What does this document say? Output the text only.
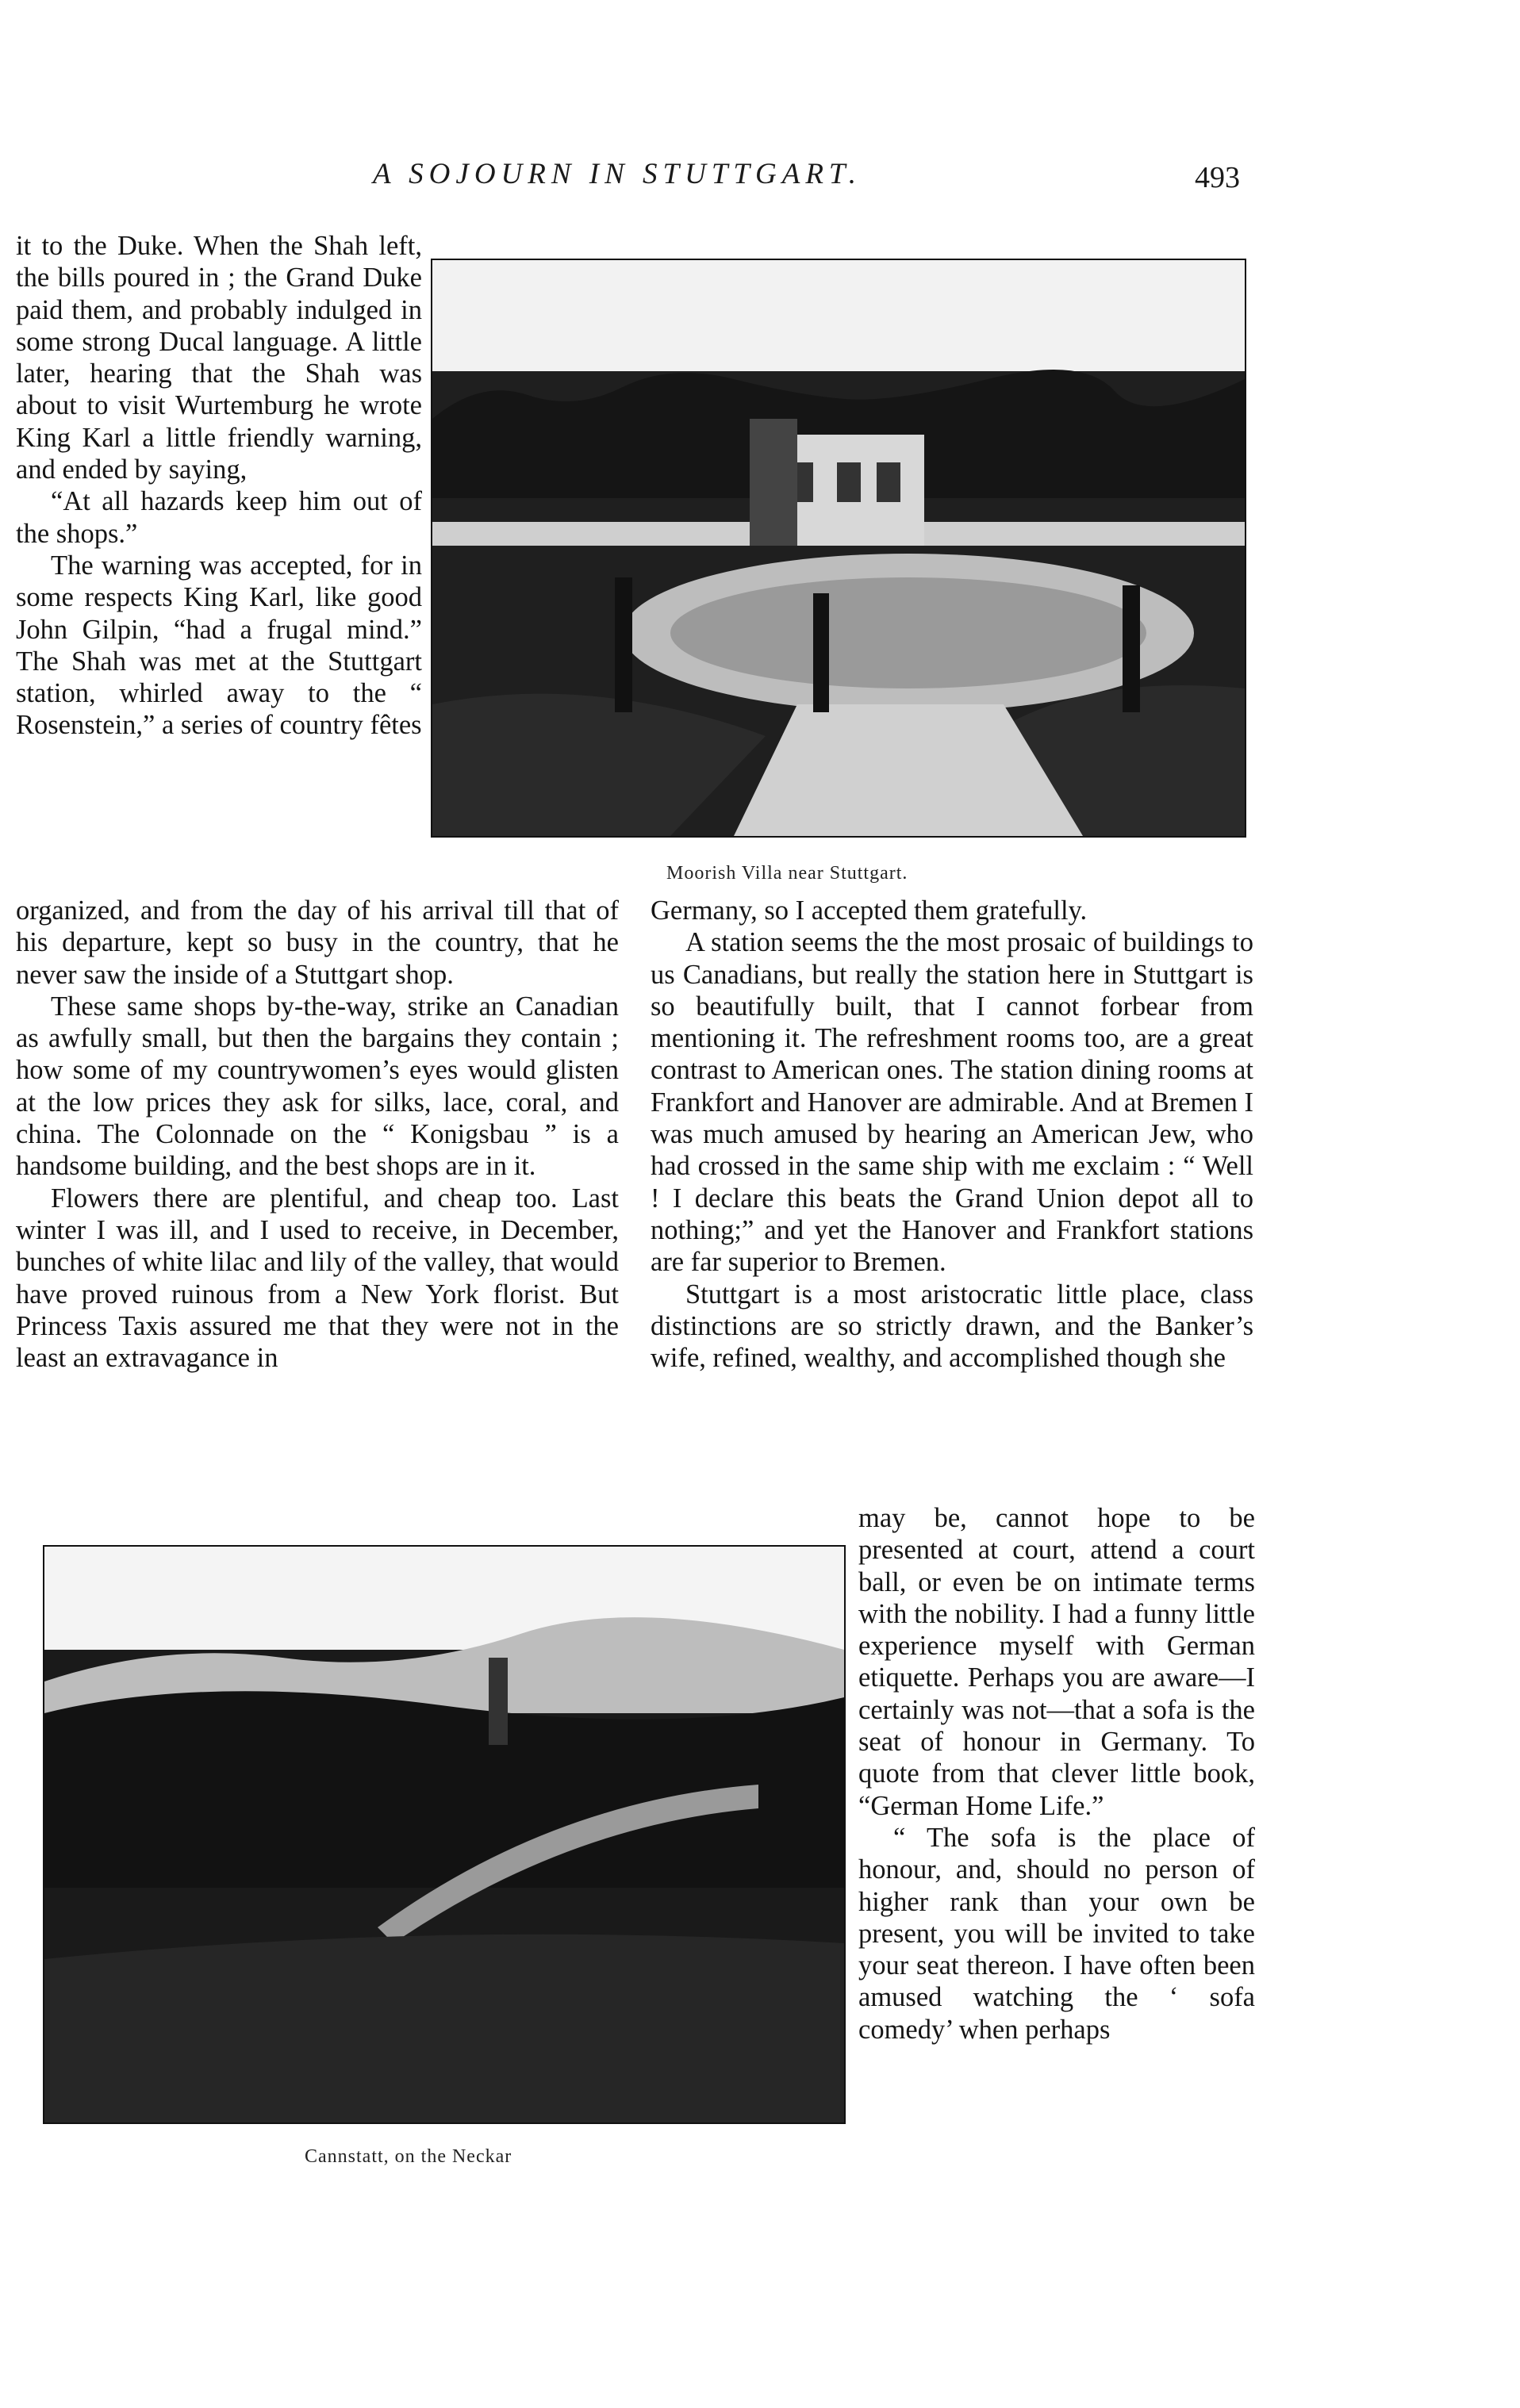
A SOJOURN IN STUTTGART.	493

it to the Duke. When the Shah left, the bills poured in ; the Grand Duke paid them, and probably indulged in some strong Ducal language. A little later, hearing that the Shah was about to visit Wurtemburg he wrote King Karl a little friendly warning, and ended by saying,

“At all hazards keep him out of the shops.”

The warning was accepted, for in some respects King Karl, like good John Gilpin, “had a frugal mind.” The Shah was met at the Stuttgart station, whirled away to the “ Rosenstein,” a series of country fêtes

Moorish Villa near Stuttgart.

organized, and from the day of his arrival till that of his departure, kept so busy in the country, that he never saw the inside of a Stuttgart shop.

These same shops by-the-way, strike an Canadian as awfully small, but then the bargains they contain ; how some of my countrywomen’s eyes would glisten at the low prices they ask for silks, lace, coral, and china. The Colonnade on the “ Konigsbau ” is a handsome building, and the best shops are in it.

Flowers there are plentiful, and cheap too. Last winter I was ill, and I used to receive, in December, bunches of white lilac and lily of the valley, that would have proved ruinous from a New York florist. But Princess Taxis assured me that they were not in the least an extravagance in

Germany, so I accepted them gratefully.

A station seems the the most prosaic of buildings to us Canadians, but really the station here in Stuttgart is so beautifully built, that I cannot forbear from mentioning it. The refreshment rooms too, are a great contrast to American ones. The station dining rooms at Frankfort and Hanover are admirable. And at Bremen I was much amused by hearing an American Jew, who had crossed in the same ship with me exclaim : “ Well ! I declare this beats the Grand Union depot all to nothing;” and yet the Hanover and Frankfort stations are far superior to Bremen.

Stuttgart is a most aristocratic little place, class distinctions are so strictly drawn, and the Banker’s wife, refined, wealthy, and accomplished though she

Cannstatt, on the Neckar

may be, cannot hope to be presented at court, attend a court ball, or even be on intimate terms with the nobility. I had a funny little experience myself with German etiquette. Perhaps you are aware—I certainly was not—that a sofa is the seat of honour in Germany. To quote from that clever little book, “German Home Life.”

“ The sofa is the place of honour, and, should no person of higher rank than your own be present, you will be invited to take your seat thereon. I have often been amused watching the ‘ sofa comedy’ when perhaps
